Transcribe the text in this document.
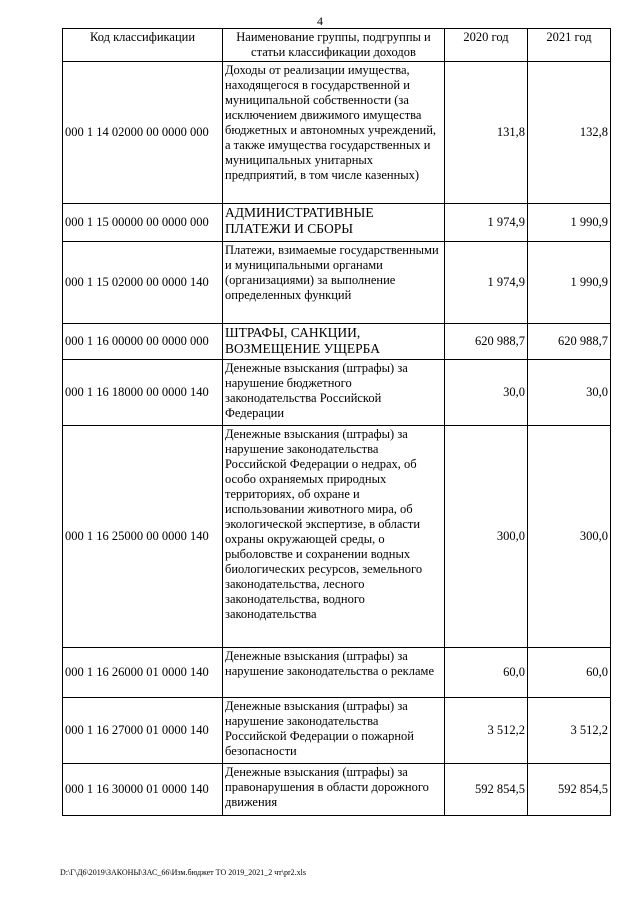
4
Код классификации	Наименование группы, подгруппы и статьи классификации доходов	2020 год	2021 год
000 1 14 02000 00 0000 000	Доходы от реализации имущества, находящегося в государственной и муниципальной собственности (за исключением движимого имущества бюджетных и автономных учреждений, а также имущества государственных и муниципальных унитарных предприятий, в том числе казенных)	131,8	132,8
000 1 15 00000 00 0000 000	АДМИНИСТРАТИВНЫЕ ПЛАТЕЖИ И СБОРЫ	1 974,9	1 990,9
000 1 15 02000 00 0000 140	Платежи, взимаемые государственными и муниципальными органами (организациями) за выполнение определенных функций	1 974,9	1 990,9
000 1 16 00000 00 0000 000	ШТРАФЫ, САНКЦИИ, ВОЗМЕЩЕНИЕ УЩЕРБА	620 988,7	620 988,7
000 1 16 18000 00 0000 140	Денежные взыскания (штрафы) за нарушение бюджетного законодательства Российской Федерации	30,0	30,0
000 1 16 25000 00 0000 140	Денежные взыскания (штрафы) за нарушение законодательства Российской Федерации о недрах, об особо охраняемых природных территориях, об охране и использовании животного мира, об экологической экспертизе, в области охраны окружающей среды, о рыболовстве и сохранении водных биологических ресурсов, земельного законодательства, лесного законодательства, водного законодательства	300,0	300,0
000 1 16 26000 01 0000 140	Денежные взыскания (штрафы) за нарушение законодательства о рекламе	60,0	60,0
000 1 16 27000 01 0000 140	Денежные взыскания (штрафы) за нарушение законодательства Российской Федерации о пожарной безопасности	3 512,2	3 512,2
000 1 16 30000 01 0000 140	Денежные взыскания (штрафы) за правонарушения в области дорожного движения	592 854,5	592 854,5
D:\Г\Д6\2019\ЗАКОНЫ\ЗАС_66\Изм.бюджет ТО 2019_2021_2 чт\pr2.xls
